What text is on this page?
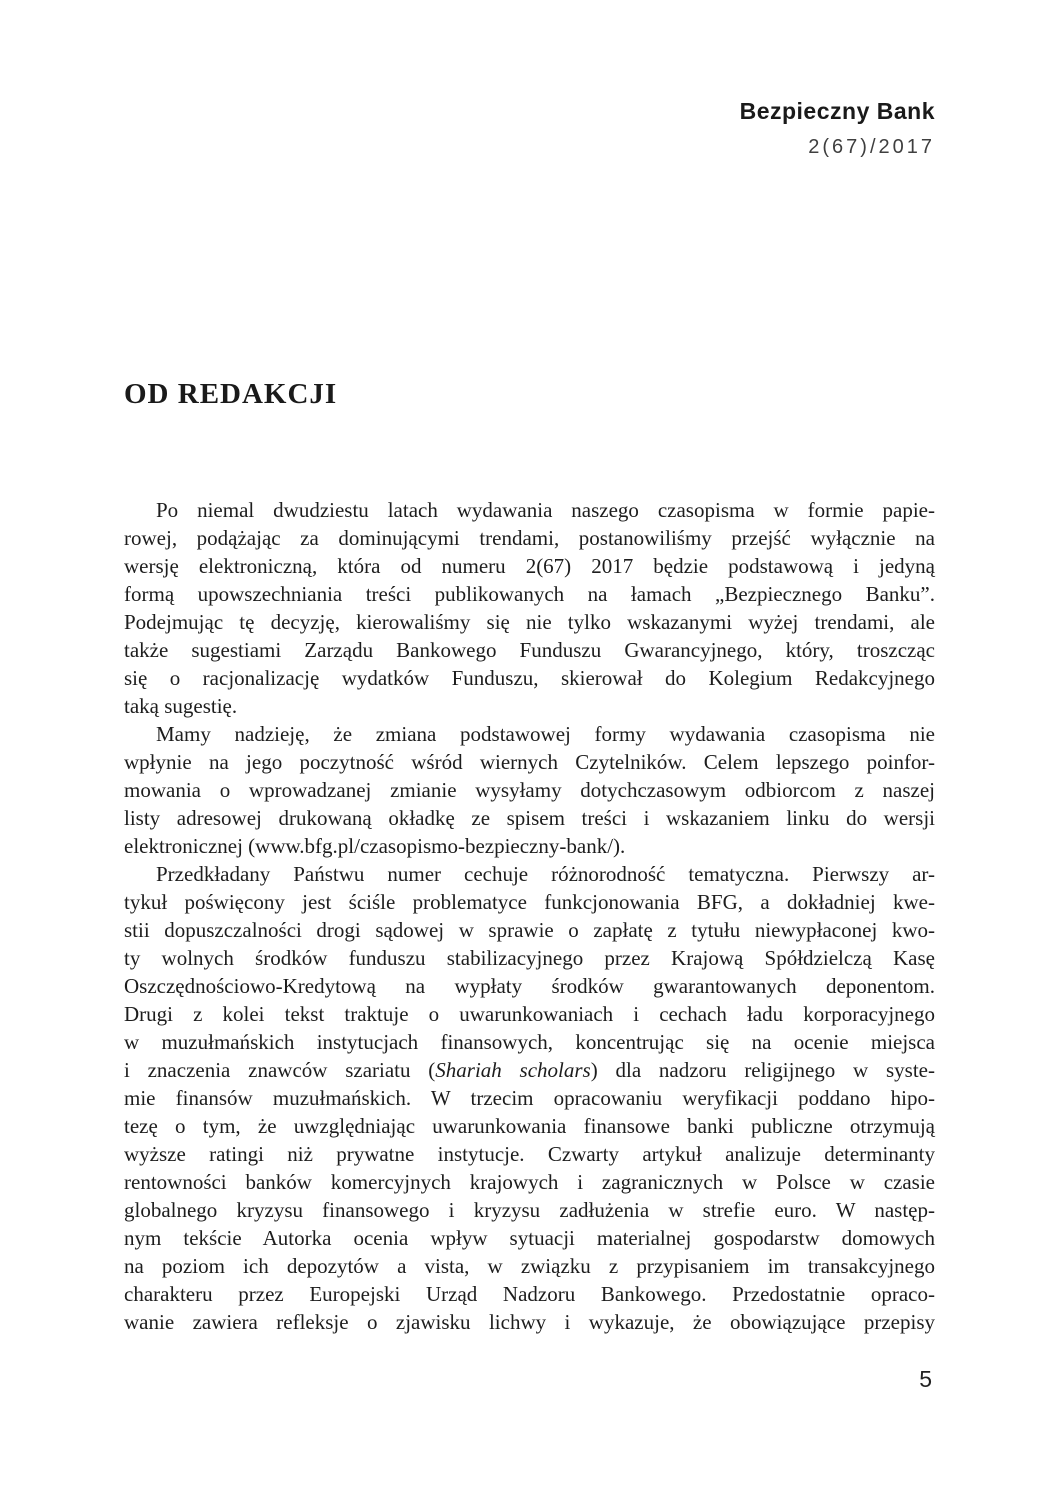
Bezpieczny Bank
2(67)/2017
OD REDAKCJI
Po niemal dwudziestu latach wydawania naszego czasopisma w formie papie-
rowej, podążając za dominującymi trendami, postanowiliśmy przejść wyłącznie na
wersję elektroniczną, która od numeru 2(67) 2017 będzie podstawową i jedyną
formą upowszechniania treści publikowanych na łamach „Bezpiecznego Banku”.
Podejmując tę decyzję, kierowaliśmy się nie tylko wskazanymi wyżej trendami, ale
także sugestiami Zarządu Bankowego Funduszu Gwarancyjnego, który, troszcząc
się o racjonalizację wydatków Funduszu, skierował do Kolegium Redakcyjnego
taką sugestię.
Mamy nadzieję, że zmiana podstawowej formy wydawania czasopisma nie
wpłynie na jego poczytność wśród wiernych Czytelników. Celem lepszego poinfor-
mowania o wprowadzanej zmianie wysyłamy dotychczasowym odbiorcom z naszej
listy adresowej drukowaną okładkę ze spisem treści i wskazaniem linku do wersji
elektronicznej (www.bfg.pl/czasopismo-bezpieczny-bank/).
Przedkładany Państwu numer cechuje różnorodność tematyczna. Pierwszy ar-
tykuł poświęcony jest ściśle problematyce funkcjonowania BFG, a dokładniej kwe-
stii dopuszczalności drogi sądowej w sprawie o zapłatę z tytułu niewypłaconej kwo-
ty wolnych środków funduszu stabilizacyjnego przez Krajową Spółdzielczą Kasę
Oszczędnościowo-Kredytową na wypłaty środków gwarantowanych deponentom.
Drugi z kolei tekst traktuje o uwarunkowaniach i cechach ładu korporacyjnego
w muzułmańskich instytucjach finansowych, koncentrując się na ocenie miejsca
i znaczenia znawców szariatu (Shariah scholars) dla nadzoru religijnego w syste-
mie finansów muzułmańskich. W trzecim opracowaniu weryfikacji poddano hipo-
tezę o tym, że uwzględniając uwarunkowania finansowe banki publiczne otrzymują
wyższe ratingi niż prywatne instytucje. Czwarty artykuł analizuje determinanty
rentowności banków komercyjnych krajowych i zagranicznych w Polsce w czasie
globalnego kryzysu finansowego i kryzysu zadłużenia w strefie euro. W następ-
nym tekście Autorka ocenia wpływ sytuacji materialnej gospodarstw domowych
na poziom ich depozytów a vista, w związku z przypisaniem im transakcyjnego
charakteru przez Europejski Urząd Nadzoru Bankowego. Przedostatnie opraco-
wanie zawiera refleksje o zjawisku lichwy i wykazuje, że obowiązujące przepisy
5
